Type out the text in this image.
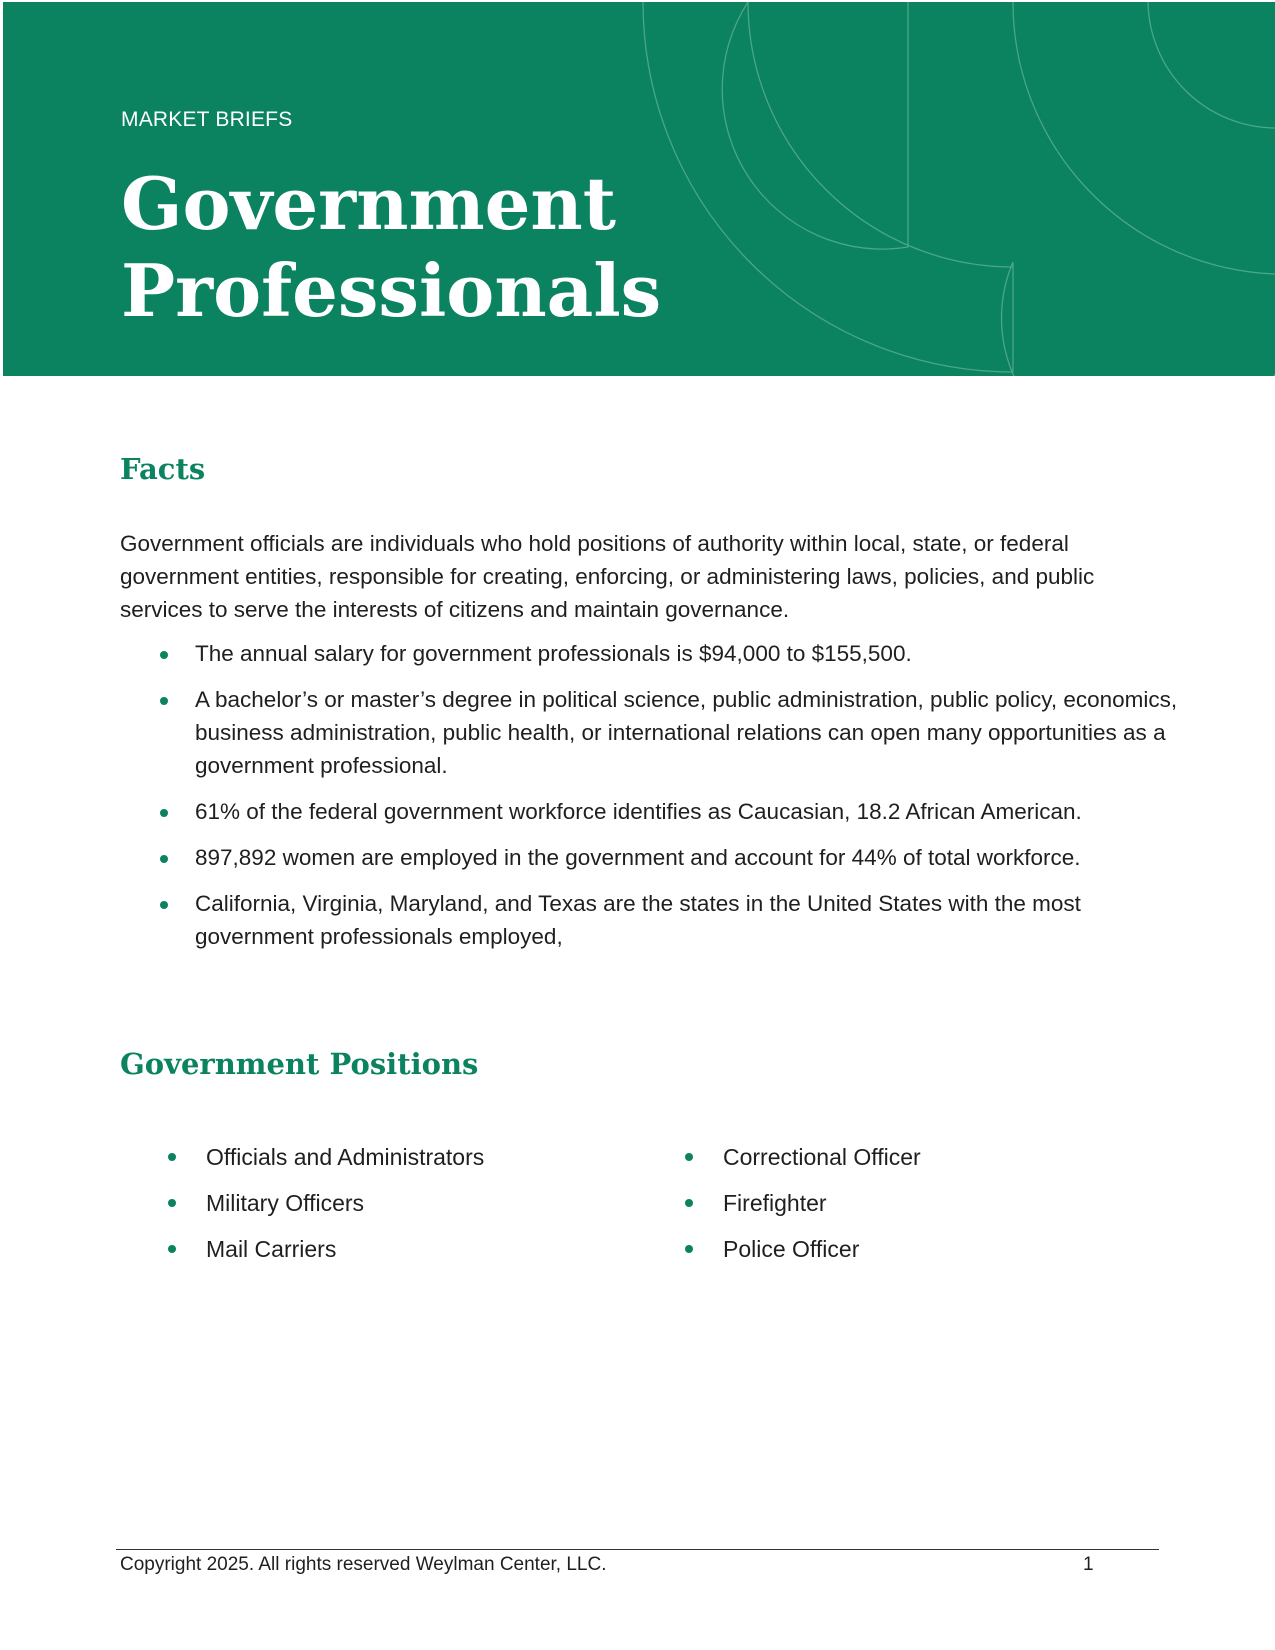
MARKET BRIEFS
Government
Professionals
Facts

Government officials are individuals who hold positions of authority within local, state, or federal government entities, responsible for creating, enforcing, or administering laws, policies, and public services to serve the interests of citizens and maintain governance.

The annual salary for government professionals is $94,000 to $155,500.
A bachelor’s or master’s degree in political science, public administration, public policy, economics, business administration, public health, or international relations can open many opportunities as a government professional.
61% of the federal government workforce identifies as Caucasian, 18.2 African American.
897,892 women are employed in the government and account for 44% of total workforce.
California, Virginia, Maryland, and Texas are the states in the United States with the most government professionals employed,
Government Positions
Officials and Administrators
Military Officers
Mail Carriers
Correctional Officer
Firefighter
Police Officer
Copyright 2025. All rights reserved Weylman Center, LLC.	1
